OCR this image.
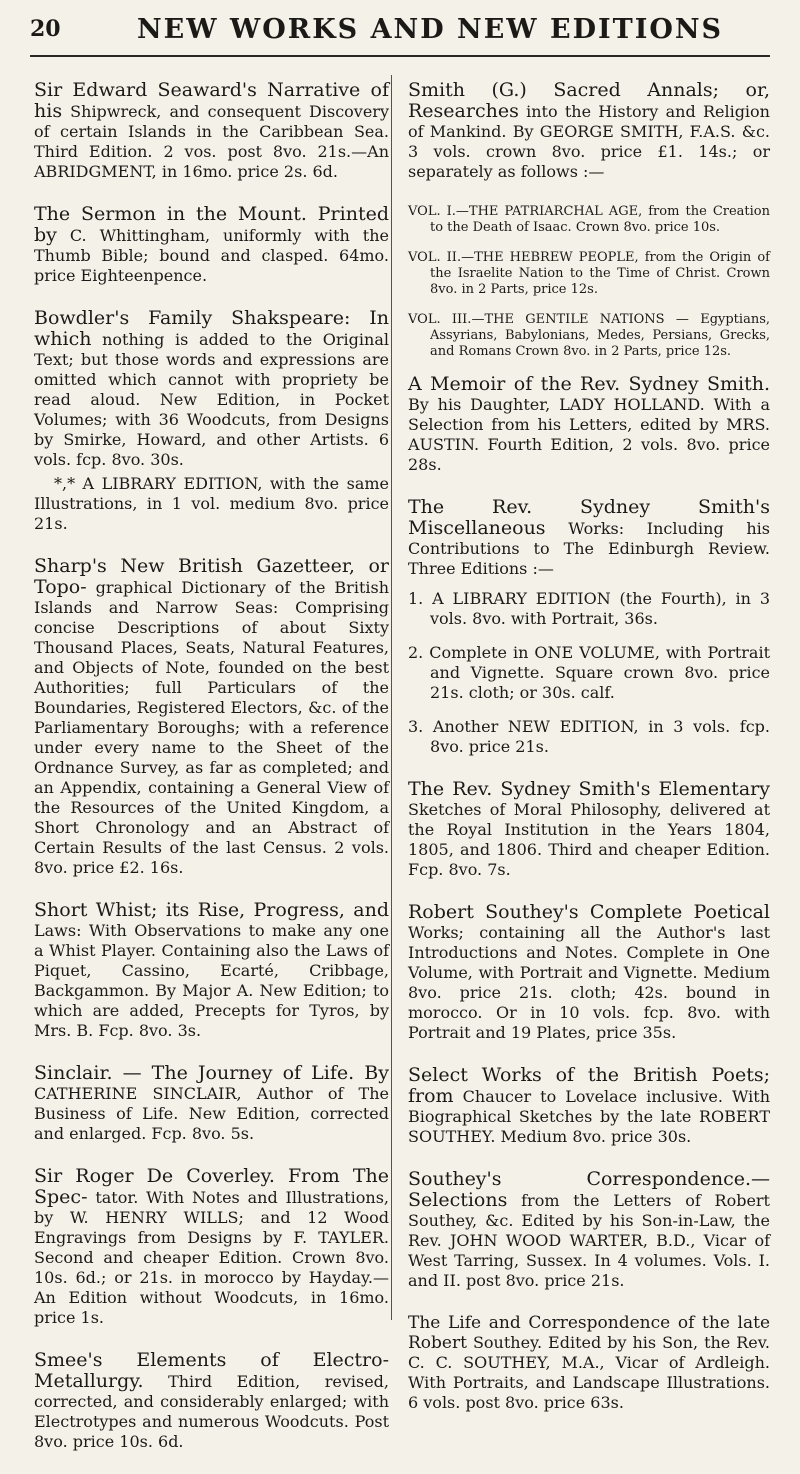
20	NEW WORKS AND NEW EDITIONS
Sir Edward Seaward's Narrative of his Shipwreck, and consequent Discovery of certain Islands in the Caribbean Sea. Third Edition. 2 vos. post 8vo. 21s.—An ABRIDGMENT, in 16mo. price 2s. 6d.
The Sermon in the Mount. Printed by C. Whittingham, uniformly with the Thumb Bible; bound and clasped. 64mo. price Eighteenpence.
Bowdler's Family Shakspeare: In which nothing is added to the Original Text; but those words and expressions are omitted which cannot with propriety be read aloud. New Edition, in Pocket Volumes; with 36 Woodcuts, from Designs by Smirke, Howard, and other Artists. 6 vols. fcp. 8vo. 30s.
*,* A LIBRARY EDITION, with the same Illustrations, in 1 vol. medium 8vo. price 21s.
Sharp's New British Gazetteer, or Topo- graphical Dictionary of the British Islands and Narrow Seas: Comprising concise Descriptions of about Sixty Thousand Places, Seats, Natural Features, and Objects of Note, founded on the best Authorities; full Particulars of the Boundaries, Registered Electors, &c. of the Parliamentary Boroughs; with a reference under every name to the Sheet of the Ordnance Survey, as far as completed; and an Appendix, containing a General View of the Resources of the United Kingdom, a Short Chronology and an Abstract of Certain Results of the last Census. 2 vols. 8vo. price £2. 16s.
Short Whist; its Rise, Progress, and Laws: With Observations to make any one a Whist Player. Containing also the Laws of Piquet, Cassino, Ecarté, Cribbage, Backgammon. By Major A. New Edition; to which are added, Precepts for Tyros, by Mrs. B. Fcp. 8vo. 3s.
Sinclair. — The Journey of Life. By CATHERINE SINCLAIR, Author of The Business of Life. New Edition, corrected and enlarged. Fcp. 8vo. 5s.
Sir Roger De Coverley. From The Spec- tator. With Notes and Illustrations, by W. HENRY WILLS; and 12 Wood Engravings from Designs by F. TAYLER. Second and cheaper Edition. Crown 8vo. 10s. 6d.; or 21s. in morocco by Hayday.—An Edition without Woodcuts, in 16mo. price 1s.
Smee's Elements of Electro-Metallurgy. Third Edition, revised, corrected, and considerably enlarged; with Electrotypes and numerous Woodcuts. Post 8vo. price 10s. 6d.
Smith (G.) Sacred Annals; or, Researches into the History and Religion of Mankind. By GEORGE SMITH, F.A.S. &c. 3 vols. crown 8vo. price £1. 14s.; or separately as follows :—
VOL. I.—THE PATRIARCHAL AGE, from the Creation to the Death of Isaac. Crown 8vo. price 10s.
VOL. II.—THE HEBREW PEOPLE, from the Origin of the Israelite Nation to the Time of Christ. Crown 8vo. in 2 Parts, price 12s.
VOL. III.—THE GENTILE NATIONS — Egyptians, Assyrians, Babylonians, Medes, Persians, Grecks, and Romans Crown 8vo. in 2 Parts, price 12s.
A Memoir of the Rev. Sydney Smith. By his Daughter, LADY HOLLAND. With a Selection from his Letters, edited by MRS. AUSTIN. Fourth Edition, 2 vols. 8vo. price 28s.
The Rev. Sydney Smith's Miscellaneous Works: Including his Contributions to The Edinburgh Review. Three Editions :—
1. A LIBRARY EDITION (the Fourth), in 3 vols. 8vo. with Portrait, 36s.
2. Complete in ONE VOLUME, with Portrait and Vignette. Square crown 8vo. price 21s. cloth; or 30s. calf.
3. Another NEW EDITION, in 3 vols. fcp. 8vo. price 21s.
The Rev. Sydney Smith's Elementary Sketches of Moral Philosophy, delivered at the Royal Institution in the Years 1804, 1805, and 1806. Third and cheaper Edition. Fcp. 8vo. 7s.
Robert Southey's Complete Poetical Works; containing all the Author's last Introductions and Notes. Complete in One Volume, with Portrait and Vignette. Medium 8vo. price 21s. cloth; 42s. bound in morocco. Or in 10 vols. fcp. 8vo. with Portrait and 19 Plates, price 35s.
Select Works of the British Poets; from Chaucer to Lovelace inclusive. With Biographical Sketches by the late ROBERT SOUTHEY. Medium 8vo. price 30s.
Southey's Correspondence.—Selections from the Letters of Robert Southey, &c. Edited by his Son-in-Law, the Rev. JOHN WOOD WARTER, B.D., Vicar of West Tarring, Sussex. In 4 volumes. Vols. I. and II. post 8vo. price 21s.
The Life and Correspondence of the late Robert Southey. Edited by his Son, the Rev. C. C. SOUTHEY, M.A., Vicar of Ardleigh. With Portraits, and Landscape Illustrations. 6 vols. post 8vo. price 63s.
